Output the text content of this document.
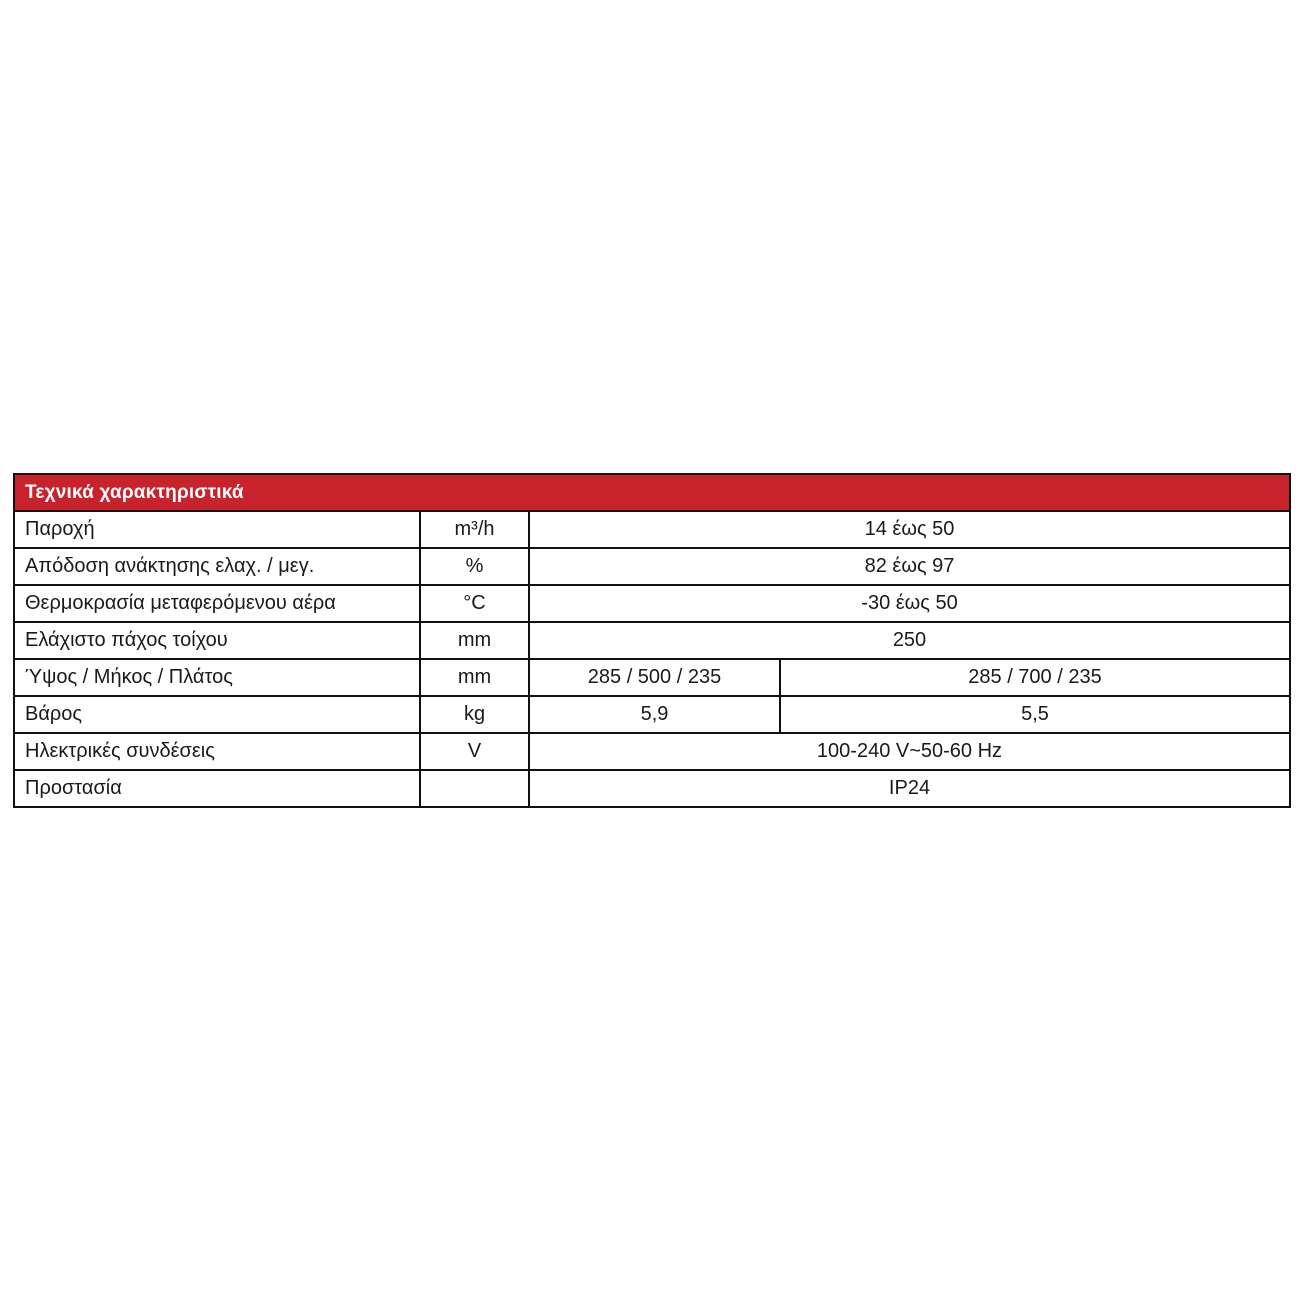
Τεχνικά χαρακτηριστικά			
Παροχή	m³/h	14 έως 50	
Απόδοση ανάκτησης ελαχ. / μεγ.	%	82 έως 97	
Θερμοκρασία μεταφερόμενου αέρα	°C	-30 έως 50	
Ελάχιστο πάχος τοίχου	mm	250	
Ύψος / Μήκος / Πλάτος	mm	285 / 500 / 235	285 / 700 / 235
Βάρος	kg	5,9	5,5
Ηλεκτρικές συνδέσεις	V	100-240 V~50-60 Hz	
Προστασία		IP24	
